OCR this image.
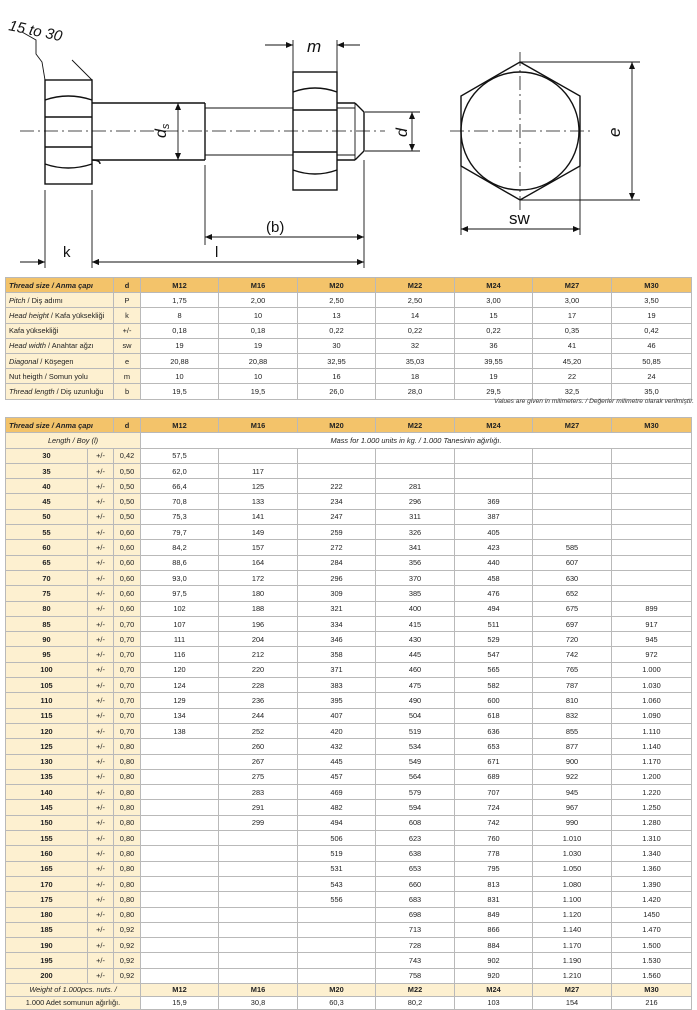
15 to 30
m
ds
d
(b)
l
k
sw
e
Thread size / Anma çapı	d	M12	M16	M20	M22	M24	M27	M30
Pitch / Diş adımı	P	1,75	2,00	2,50	2,50	3,00	3,00	3,50
Head height / Kafa yüksekliği	k	8	10	13	14	15	17	19
Kafa yüksekliği	+/-	0,18	0,18	0,22	0,22	0,22	0,35	0,42
Head width / Anahtar ağzı	sw	19	19	30	32	36	41	46
Diagonal / Köşegen	e	20,88	20,88	32,95	35,03	39,55	45,20	50,85
Nut heigth / Somun yolu	m	10	10	16	18	19	22	24
Thread length / Diş uzunluğu	b	19,5	19,5	26,0	28,0	29,5	32,5	35,0
Values are given in milimeters. / Değerler milimetre olarak verilmiştir.
Thread size / Anma çapı		d	M12	M16	M20	M22	M24	M27	M30
Length / Boy (l)			Mass for 1.000 units in kg. / 1.000 Tanesinin ağırlığı.						
30	+/-	0,42	57,5						
35	+/-	0,50	62,0	117					
40	+/-	0,50	66,4	125	222	281			
45	+/-	0,50	70,8	133	234	296	369		
50	+/-	0,50	75,3	141	247	311	387		
55	+/-	0,60	79,7	149	259	326	405		
60	+/-	0,60	84,2	157	272	341	423	585	
65	+/-	0,60	88,6	164	284	356	440	607	
70	+/-	0,60	93,0	172	296	370	458	630	
75	+/-	0,60	97,5	180	309	385	476	652	
80	+/-	0,60	102	188	321	400	494	675	899
85	+/-	0,70	107	196	334	415	511	697	917
90	+/-	0,70	111	204	346	430	529	720	945
95	+/-	0,70	116	212	358	445	547	742	972
100	+/-	0,70	120	220	371	460	565	765	1.000
105	+/-	0,70	124	228	383	475	582	787	1.030
110	+/-	0,70	129	236	395	490	600	810	1.060
115	+/-	0,70	134	244	407	504	618	832	1.090
120	+/-	0,70	138	252	420	519	636	855	1.110
125	+/-	0,80		260	432	534	653	877	1.140
130	+/-	0,80		267	445	549	671	900	1.170
135	+/-	0,80		275	457	564	689	922	1.200
140	+/-	0,80		283	469	579	707	945	1.220
145	+/-	0,80		291	482	594	724	967	1.250
150	+/-	0,80		299	494	608	742	990	1.280
155	+/-	0,80			506	623	760	1.010	1.310
160	+/-	0,80			519	638	778	1.030	1.340
165	+/-	0,80			531	653	795	1.050	1.360
170	+/-	0,80			543	660	813	1.080	1.390
175	+/-	0,80			556	683	831	1.100	1.420
180	+/-	0,80				698	849	1.120	1450
185	+/-	0,92				713	866	1.140	1.470
190	+/-	0,92				728	884	1.170	1.500
195	+/-	0,92				743	902	1.190	1.530
200	+/-	0,92				758	920	1.210	1.560
Weight of 1.000pcs. nuts. /			M12	M16	M20	M22	M24	M27	M30
1.000 Adet somunun ağırlığı.			15,9	30,8	60,3	80,2	103	154	216
